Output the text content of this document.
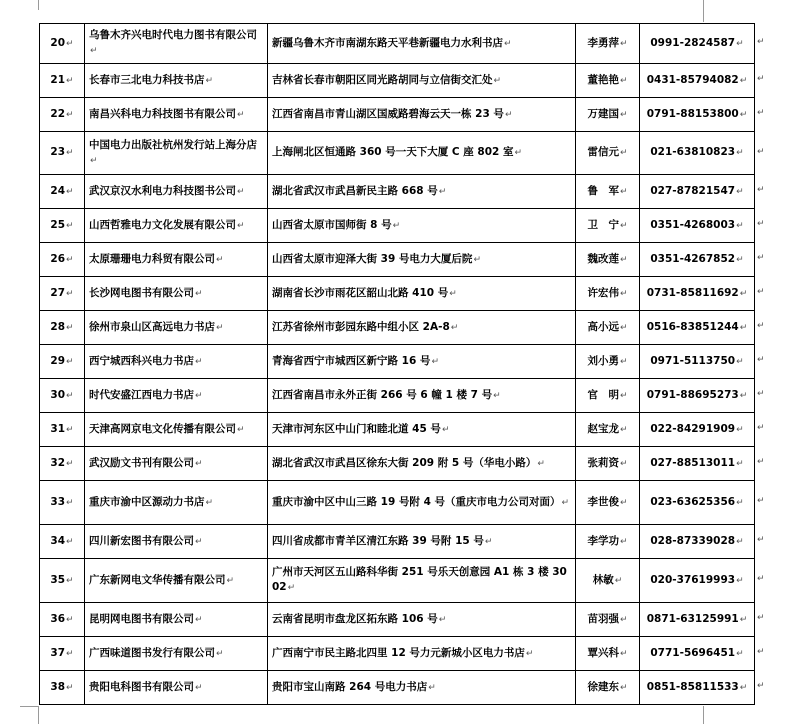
20↵	乌鲁木齐兴电时代电力图书有限公司↵	新疆乌鲁木齐市南湖东路天平巷新疆电力水利书店↵	李勇萍↵	0991-2824587↵
21↵	长春市三北电力科技书店↵	吉林省长春市朝阳区同光路胡同与立信街交汇处↵	董艳艳↵	0431-85794082↵
22↵	南昌兴科电力科技图书有限公司↵	江西省南昌市青山湖区国威路碧海云天一栋 23 号↵	万建国↵	0791-88153800↵
23↵	中国电力出版社杭州发行站上海分店↵	上海闸北区恒通路 360 号一天下大厦 C 座 802 室↵	雷信元↵	021-63810823↵
24↵	武汉京汉水利电力科技图书公司↵	湖北省武汉市武昌新民主路 668 号↵	鲁　军↵	027-87821547↵
25↵	山西哲雅电力文化发展有限公司↵	山西省太原市国师街 8 号↵	卫　宁↵	0351-4268003↵
26↵	太原珊珊电力科贸有限公司↵	山西省太原市迎泽大街 39 号电力大厦后院↵	魏改莲↵	0351-4267852↵
27↵	长沙网电图书有限公司↵	湖南省长沙市雨花区韶山北路 410 号↵	许宏伟↵	0731-85811692↵
28↵	徐州市泉山区高远电力书店↵	江苏省徐州市彭园东路中组小区 2A-8↵	高小远↵	0516-83851244↵
29↵	西宁城西科兴电力书店↵	青海省西宁市城西区新宁路 16 号↵	刘小勇↵	0971-5113750↵
30↵	时代安盛江西电力书店↵	江西省南昌市永外正街 266 号 6 幢 1 楼 7 号↵	官　明↵	0791-88695273↵
31↵	天津高网京电文化传播有限公司↵	天津市河东区中山门和睦北道 45 号↵	赵宝龙↵	022-84291909↵
32↵	武汉励文书刊有限公司↵	湖北省武汉市武昌区徐东大街 209 附 5 号（华电小路）↵	张莉资↵	027-88513011↵
33↵	重庆市渝中区源动力书店↵	重庆市渝中区中山三路 19 号附 4 号（重庆市电力公司对面）↵	李世俊↵	023-63625356↵
34↵	四川新宏图书有限公司↵	四川省成都市青羊区清江东路 39 号附 15 号↵	李学功↵	028-87339028↵
35↵	广东新网电文华传播有限公司↵	广州市天河区五山路科华街 251 号乐天创意园 A1 栋 3 楼 3002↵	林敏↵	020-37619993↵
36↵	昆明网电图书有限公司↵	云南省昆明市盘龙区拓东路 106 号↵	苗羽强↵	0871-63125991↵
37↵	广西味道图书发行有限公司↵	广西南宁市民主路北四里 12 号力元新城小区电力书店↵	覃兴科↵	0771-5696451↵
38↵	贵阳电科图书有限公司↵	贵阳市宝山南路 264 号电力书店↵	徐建东↵	0851-85811533↵
↵
↵
↵
↵
↵
↵
↵
↵
↵
↵
↵
↵
↵
↵
↵
↵
↵
↵
↵
